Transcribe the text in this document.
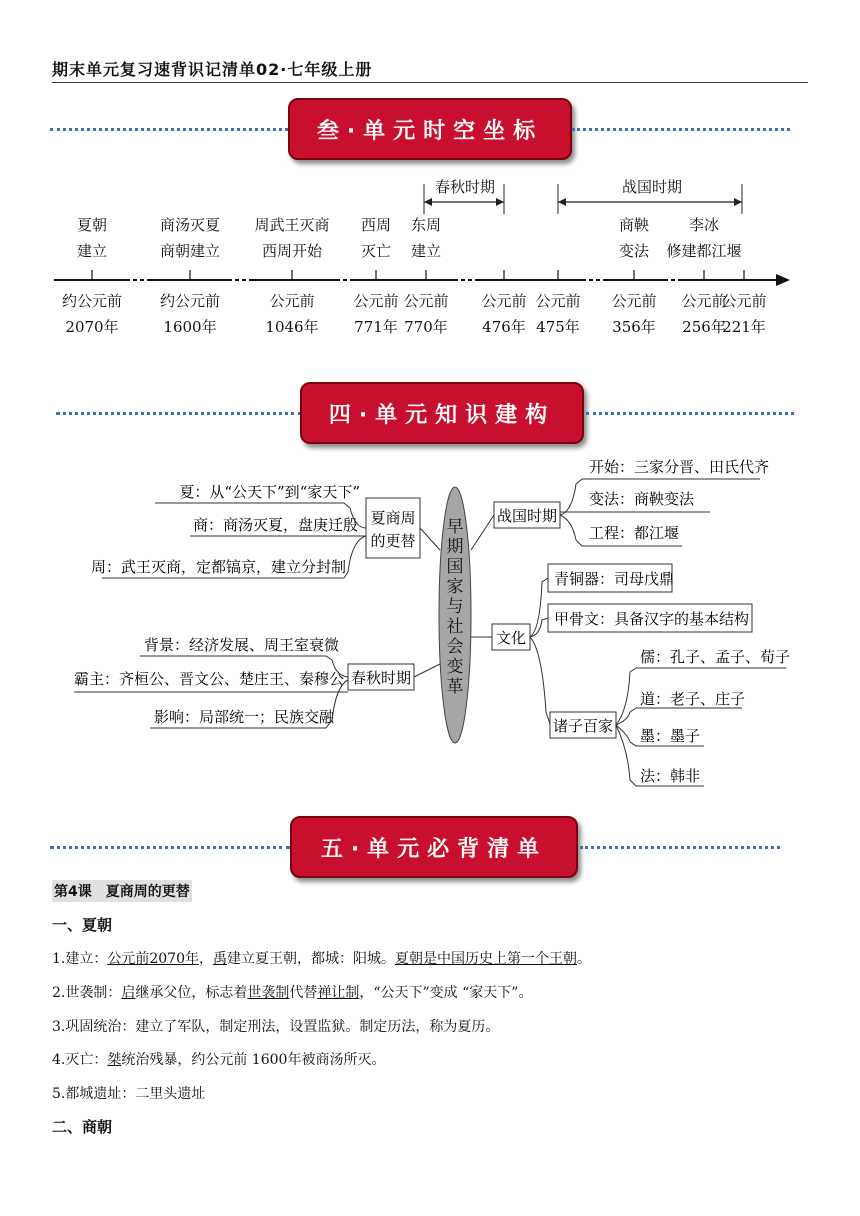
期末单元复习速背识记清单02·七年级上册
叁·单元时空坐标
春秋时期	战国时期
夏朝
建立
约公元前
2070年
商汤灭夏
商朝建立
约公元前
1600年
周武王灭商
西周开始
公元前
1046年
西周
灭亡
公元前
771年
东周
建立
公元前
770年
公元前
476年
公元前
475年
商鞅
变法
公元前
356年
李冰
修建都江堰
公元前
256年
公元前
221年
四·单元知识建构
早期国家与社会变革
夏商周
的更替
夏：从“公天下”到“家天下”
商：商汤灭夏，盘庚迁殷
周：武王灭商，定都镐京，建立分封制
春秋时期
背景：经济发展、周王室衰微
霸主：齐桓公、晋文公、楚庄王、秦穆公
影响：局部统一；民族交融
战国时期
开始：三家分晋、田氏代齐
变法：商鞅变法
工程：都江堰
文化
青铜器：司母戊鼎
甲骨文：具备汉字的基本结构
诸子百家
儒：孔子、孟子、荀子
道：老子、庄子
墨：墨子
法：韩非
五·单元必背清单
第4课　夏商周的更替
一、夏朝
1.建立：公元前2070年，禹建立夏王朝，都城：阳城。夏朝是中国历史上第一个王朝。
2.世袭制：启继承父位，标志着世袭制代替禅让制，“公天下”变成 “家天下”。
3.巩固统治：建立了军队，制定刑法，设置监狱。制定历法，称为夏历。
4.灭亡：桀统治残暴，约公元前 1600年被商汤所灭。
5.都城遗址：二里头遗址
二、商朝
